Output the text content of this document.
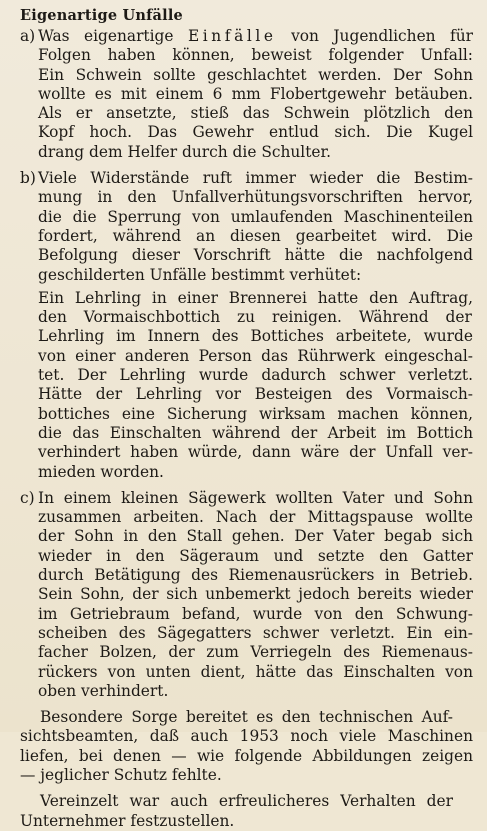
Eigenartige Unfälle
a) Was eigenartige Einfälle von Jugendlichen für
Folgen haben können, beweist folgender Unfall:
Ein Schwein sollte geschlachtet werden. Der Sohn
wollte es mit einem 6 mm Flobertgewehr betäuben.
Als er ansetzte, stieß das Schwein plötzlich den
Kopf hoch. Das Gewehr entlud sich. Die Kugel
drang dem Helfer durch die Schulter.
b) Viele Widerstände ruft immer wieder die Bestim-
mung in den Unfallverhütungsvorschriften hervor,
die die Sperrung von umlaufenden Maschinenteilen
fordert, während an diesen gearbeitet wird. Die
Befolgung dieser Vorschrift hätte die nachfolgend
geschilderten Unfälle bestimmt verhütet:
Ein Lehrling in einer Brennerei hatte den Auftrag,
den Vormaischbottich zu reinigen. Während der
Lehrling im Innern des Bottiches arbeitete, wurde
von einer anderen Person das Rührwerk eingeschal-
tet. Der Lehrling wurde dadurch schwer verletzt.
Hätte der Lehrling vor Besteigen des Vormaisch-
bottiches eine Sicherung wirksam machen können,
die das Einschalten während der Arbeit im Bottich
verhindert haben würde, dann wäre der Unfall ver-
mieden worden.
c) In einem kleinen Sägewerk wollten Vater und Sohn
zusammen arbeiten. Nach der Mittagspause wollte
der Sohn in den Stall gehen. Der Vater begab sich
wieder in den Sägeraum und setzte den Gatter
durch Betätigung des Riemenausrückers in Betrieb.
Sein Sohn, der sich unbemerkt jedoch bereits wieder
im Getriebraum befand, wurde von den Schwung-
scheiben des Sägegatters schwer verletzt. Ein ein-
facher Bolzen, der zum Verriegeln des Riemenaus-
rückers von unten dient, hätte das Einschalten von
oben verhindert.
Besondere Sorge bereitet es den technischen Auf-
sichtsbeamten, daß auch 1953 noch viele Maschinen
liefen, bei denen — wie folgende Abbildungen zeigen
— jeglicher Schutz fehlte.
Vereinzelt war auch erfreulicheres Verhalten der
Unternehmer festzustellen.
